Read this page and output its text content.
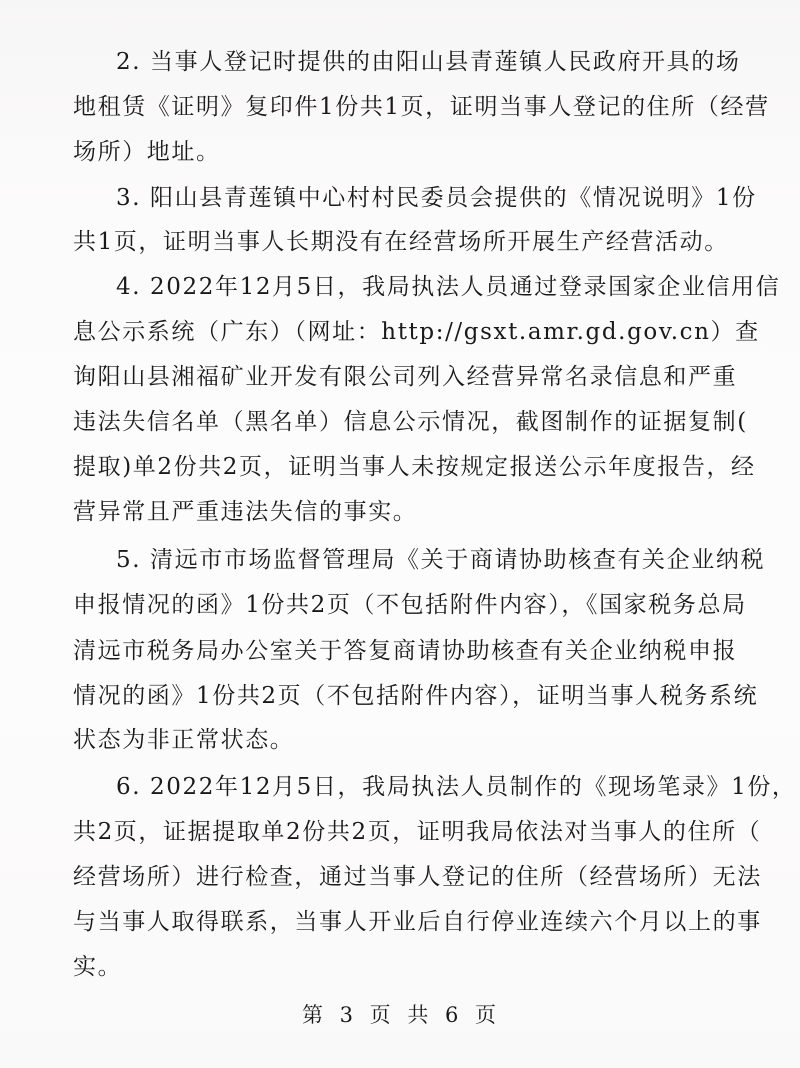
2. 当事人登记时提供的由阳山县青莲镇人民政府开具的场
地租赁《证明》复印件1份共1页，证明当事人登记的住所（经营
场所）地址。
3. 阳山县青莲镇中心村村民委员会提供的《情况说明》1份
共1页，证明当事人长期没有在经营场所开展生产经营活动。
4. 2022年12月5日，我局执法人员通过登录国家企业信用信
息公示系统（广东）（网址：http://gsxt.amr.gd.gov.cn）查
询阳山县湘福矿业开发有限公司列入经营异常名录信息和严重
违法失信名单（黑名单）信息公示情况，截图制作的证据复制(
提取)单2份共2页，证明当事人未按规定报送公示年度报告，经
营异常且严重违法失信的事实。
5. 清远市市场监督管理局《关于商请协助核查有关企业纳税
申报情况的函》1份共2页（不包括附件内容），《国家税务总局
清远市税务局办公室关于答复商请协助核查有关企业纳税申报
情况的函》1份共2页（不包括附件内容），证明当事人税务系统
状态为非正常状态。
6. 2022年12月5日，我局执法人员制作的《现场笔录》1份，
共2页，证据提取单2份共2页，证明我局依法对当事人的住所（
经营场所）进行检查，通过当事人登记的住所（经营场所）无法
与当事人取得联系，当事人开业后自行停业连续六个月以上的事
实。
第 3 页 共 6 页
